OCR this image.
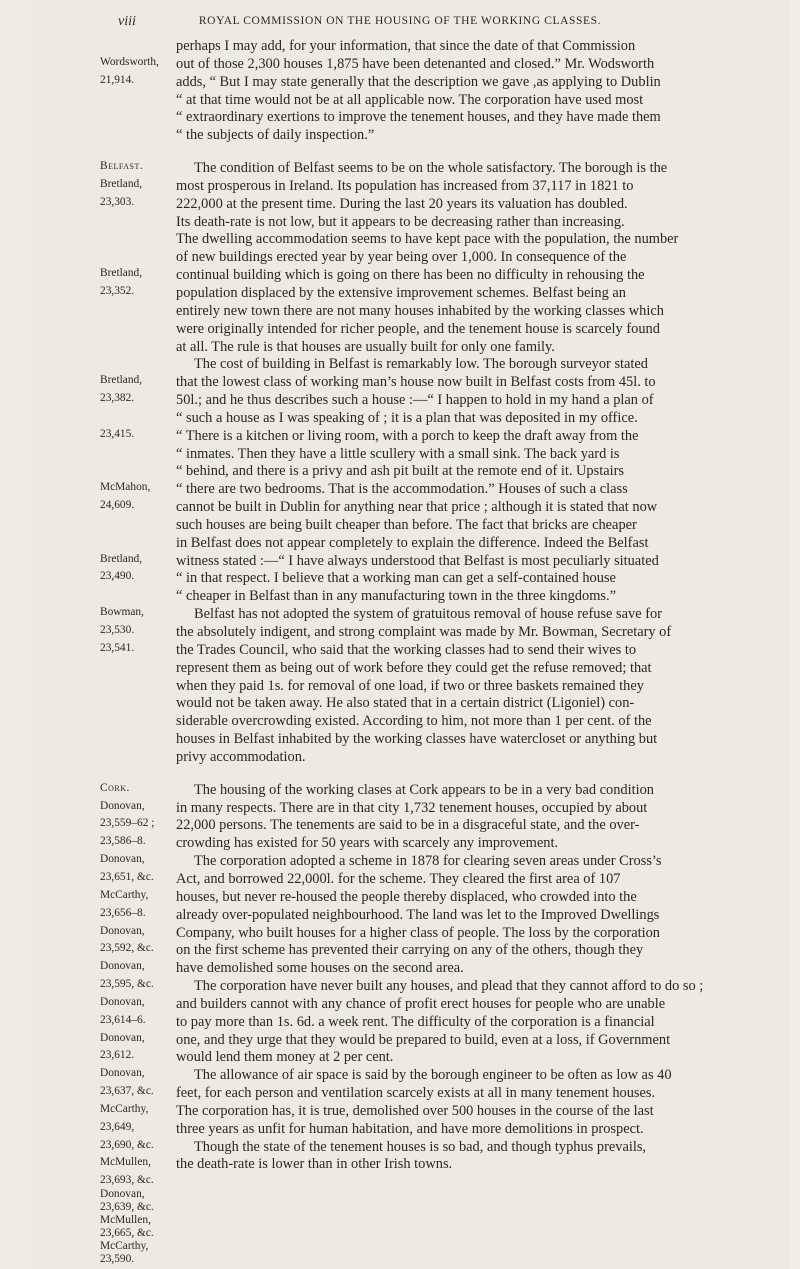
viii	ROYAL COMMISSION ON THE HOUSING OF THE WORKING CLASSES.
perhaps I may add, for your information, that since the date of that Commission
Wordsworth,	out of those 2,300 houses 1,875 have been detenanted and closed.” Mr. Wodsworth
21,914.	adds, “ But I may state generally that the description we gave ,as applying to Dublin
“ at that time would not be at all applicable now. The corporation have used most
“ extraordinary exertions to improve the tenement houses, and they have made them
“ the subjects of daily inspection.”
Belfast.	The condition of Belfast seems to be on the whole satisfactory. The borough is the
Bretland,	most prosperous in Ireland. Its population has increased from 37,117 in 1821 to
23,303.	222,000 at the present time. During the last 20 years its valuation has doubled.
Its death-rate is not low, but it appears to be decreasing rather than increasing.
The dwelling accommodation seems to have kept pace with the population, the number
of new buildings erected year by year being over 1,000. In consequence of the
Bretland,	continual building which is going on there has been no difficulty in rehousing the
23,352.	population displaced by the extensive improvement schemes. Belfast being an
entirely new town there are not many houses inhabited by the working classes which
were originally intended for richer people, and the tenement house is scarcely found
at all. The rule is that houses are usually built for only one family.
The cost of building in Belfast is remarkably low. The borough surveyor stated
Bretland,	that the lowest class of working man’s house now built in Belfast costs from 45l. to
23,382.	50l.; and he thus describes such a house :—“ I happen to hold in my hand a plan of
“ such a house as I was speaking of ; it is a plan that was deposited in my office.
23,415.	“ There is a kitchen or living room, with a porch to keep the draft away from the
“ inmates. Then they have a little scullery with a small sink. The back yard is
“ behind, and there is a privy and ash pit built at the remote end of it. Upstairs
McMahon,	“ there are two bedrooms. That is the accommodation.” Houses of such a class
24,609.	cannot be built in Dublin for anything near that price ; although it is stated that now
such houses are being built cheaper than before. The fact that bricks are cheaper
in Belfast does not appear completely to explain the difference. Indeed the Belfast
Bretland,	witness stated :—“ I have always understood that Belfast is most peculiarly situated
23,490.	“ in that respect. I believe that a working man can get a self-contained house
“ cheaper in Belfast than in any manufacturing town in the three kingdoms.”
Bowman,	Belfast has not adopted the system of gratuitous removal of house refuse save for
23,530.	the absolutely indigent, and strong complaint was made by Mr. Bowman, Secretary of
23,541.	the Trades Council, who said that the working classes had to send their wives to
represent them as being out of work before they could get the refuse removed; that
when they paid 1s. for removal of one load, if two or three baskets remained they
would not be taken away. He also stated that in a certain district (Ligoniel) con-
siderable overcrowding existed. According to him, not more than 1 per cent. of the
houses in Belfast inhabited by the working classes have watercloset or anything but
privy accommodation.
Cork.	The housing of the working clases at Cork appears to be in a very bad condition
Donovan,	in many respects. There are in that city 1,732 tenement houses, occupied by about
23,559–62 ;	22,000 persons. The tenements are said to be in a disgraceful state, and the over-
23,586–8.	crowding has existed for 50 years with scarcely any improvement.
Donovan,	The corporation adopted a scheme in 1878 for clearing seven areas under Cross’s
23,651, &c.	Act, and borrowed 22,000l. for the scheme. They cleared the first area of 107
McCarthy,	houses, but never re-housed the people thereby displaced, who crowded into the
23,656–8.	already over-populated neighbourhood. The land was let to the Improved Dwellings
Donovan,	Company, who built houses for a higher class of people. The loss by the corporation
23,592, &c.	on the first scheme has prevented their carrying on any of the others, though they
Donovan,	have demolished some houses on the second area.
23,595, &c.	The corporation have never built any houses, and plead that they cannot afford to do so ;
Donovan,	and builders cannot with any chance of profit erect houses for people who are unable
23,614–6.	to pay more than 1s. 6d. a week rent. The difficulty of the corporation is a financial
Donovan,	one, and they urge that they would be prepared to build, even at a loss, if Government
23,612.	would lend them money at 2 per cent.
Donovan,	The allowance of air space is said by the borough engineer to be often as low as 40
23,637, &c.	feet, for each person and ventilation scarcely exists at all in many tenement houses.
McCarthy,	The corporation has, it is true, demolished over 500 houses in the course of the last
23,649,	three years as unfit for human habitation, and have more demolitions in prospect.
23,690, &c.	Though the state of the tenement houses is so bad, and though typhus prevails,
McMullen,	the death-rate is lower than in other Irish towns.
23,693, &c.
Donovan,
23,639, &c.
McMullen,
23,665, &c.
McCarthy,
23,590.
